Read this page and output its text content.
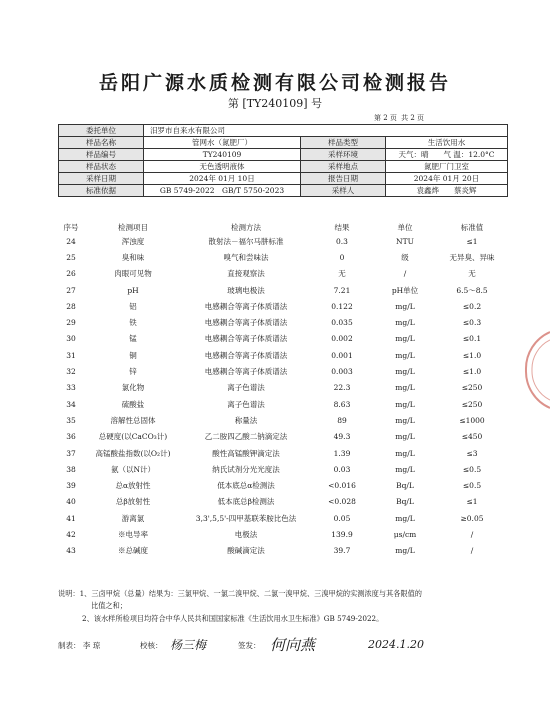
岳阳广源水质检测有限公司检测报告
第 [TY240109] 号
第 2 页 共 2 页
委托单位	汨罗市自来水有限公司		
样品名称	管网水（氮肥厂）	样品类型	生活饮用水
样品编号	TY240109	采样环境	天气：晴　　气 温：12.0°C
样品状态	无色透明液体	采样地点	氮肥厂门卫室
采样日期	2024年 01月 10日	报告日期	2024年 01月 20日
标准依据	GB 5749-2022　GB/T 5750-2023	采样人	袁鑫烨　　蔡炎辉
序号	检测项目	检测方法	结果	单位	标准值
24	浑浊度	散射法－福尔马肼标准	0.3	NTU	≤1
25	臭和味	嗅气和尝味法	0	级	无异臭、异味
26	肉眼可见物	直接观察法	无	/	无
27	pH	玻璃电极法	7.21	pH单位	6.5～8.5
28	铝	电感耦合等离子体质谱法	0.122	mg/L	≤0.2
29	铁	电感耦合等离子体质谱法	0.035	mg/L	≤0.3
30	锰	电感耦合等离子体质谱法	0.002	mg/L	≤0.1
31	铜	电感耦合等离子体质谱法	0.001	mg/L	≤1.0
32	锌	电感耦合等离子体质谱法	0.003	mg/L	≤1.0
33	氯化物	离子色谱法	22.3	mg/L	≤250
34	硫酸盐	离子色谱法	8.63	mg/L	≤250
35	溶解性总固体	称量法	89	mg/L	≤1000
36	总硬度(以CaCO₃计)	乙二胺四乙酸二钠滴定法	49.3	mg/L	≤450
37	高锰酸盐指数(以O₂计)	酸性高锰酸钾滴定法	1.39	mg/L	≤3
38	氨（以N计）	纳氏试剂分光光度法	0.03	mg/L	≤0.5
39	总α放射性	低本底总α检测法	<0.016	Bq/L	≤0.5
40	总β放射性	低本底总β检测法	<0.028	Bq/L	≤1
41	游离氯	3,3',5,5'-四甲基联苯胺比色法	0.05	mg/L	≥0.05
42	※电导率	电极法	139.9	μs/cm	/
43	※总碱度	酸碱滴定法	39.7	mg/L	/
说明：1、三卤甲烷（总量）结果为：三氯甲烷、一氯二溴甲烷、二氯一溴甲烷、三溴甲烷的实测浓度与其各限值的
比值之和；
2、该水样所检项目均符合中华人民共和国国家标准《生活饮用水卫生标准》GB 5749-2022。
制表： 李 琼	校核： 杨三梅	签发： 何向燕	2024.1.20
